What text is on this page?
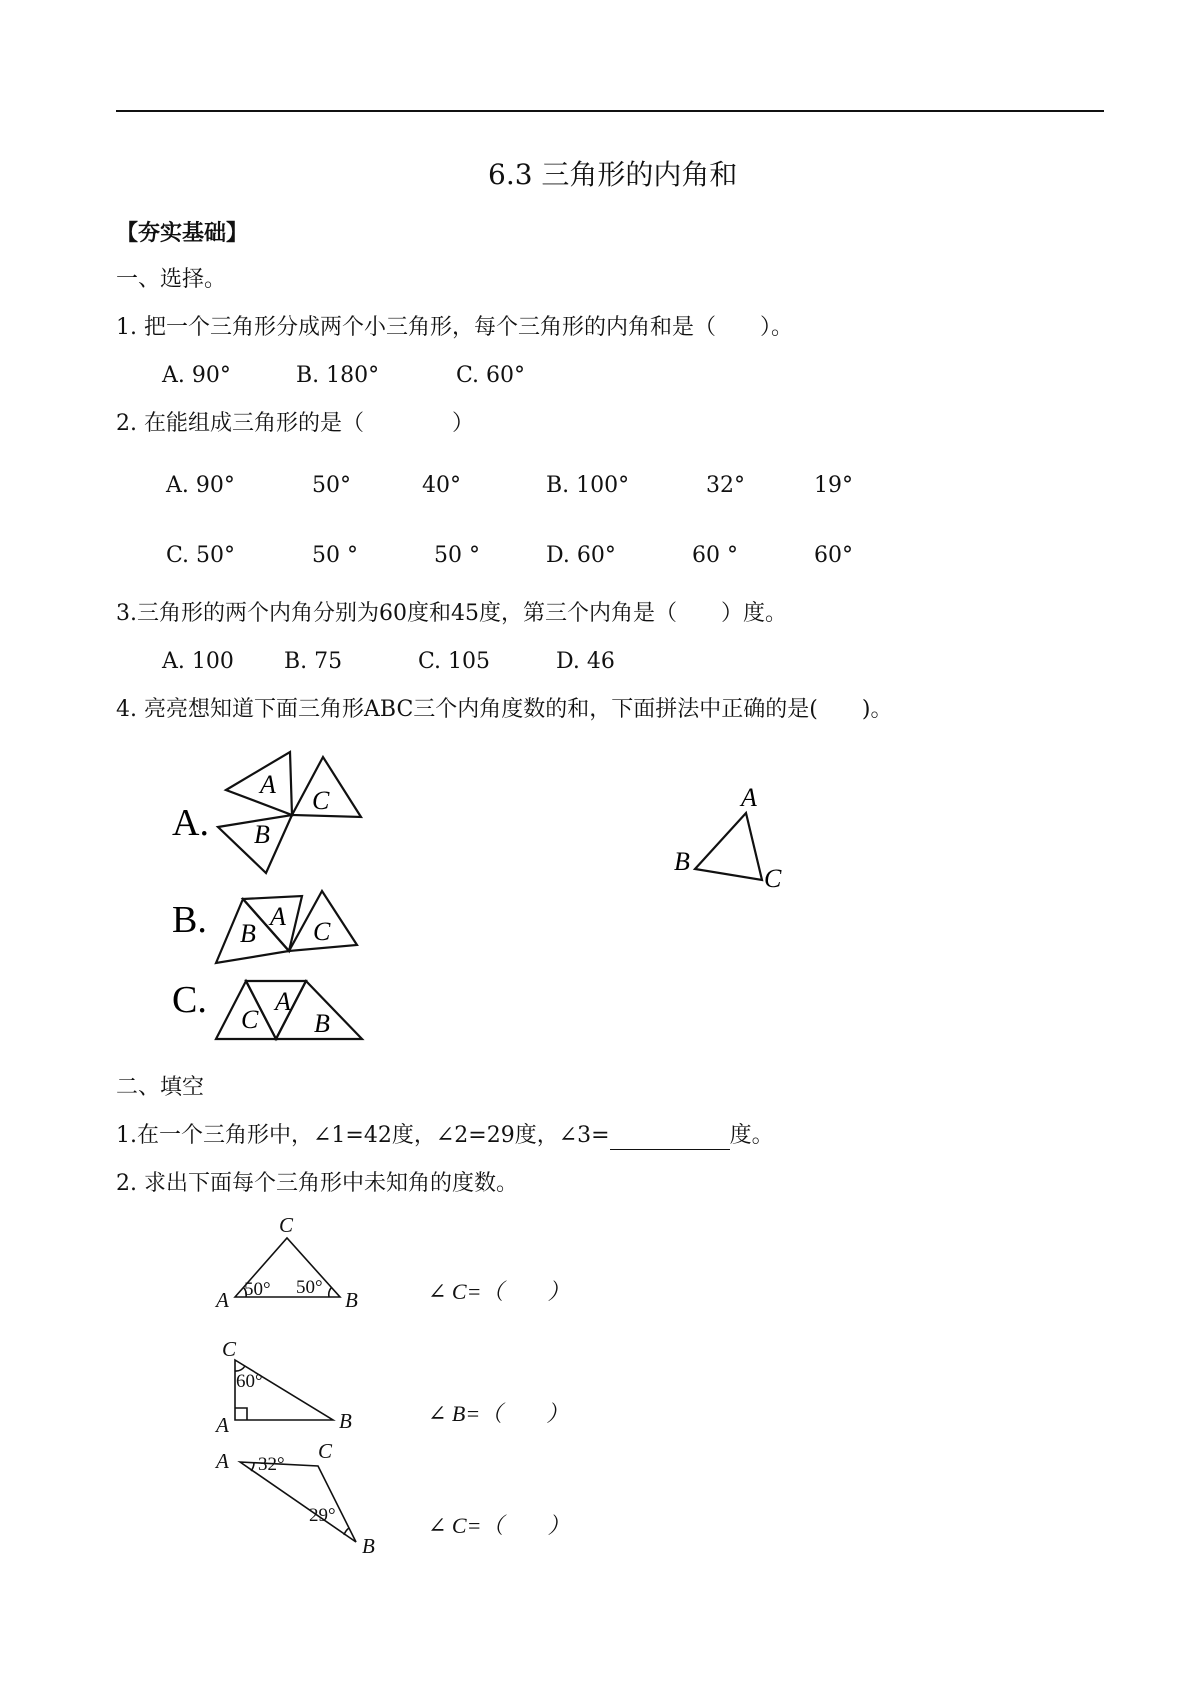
6.3 三角形的内角和
【夯实基础】
一、选择。
1. 把一个三角形分成两个小三角形，每个三角形的内角和是（　　）。
A. 90°	B. 180°	C. 60°
2. 在能组成三角形的是（　　　　）
A. 90°	50°	40°	B. 100°	32°	19°
C. 50°	50 °	50 °	D. 60°	60 °	60°
3.三角形的两个内角分别为60度和45度，第三个内角是（　　）度。
A. 100 B. 75	C. 105	D. 46
4. 亮亮想知道下面三角形ABC三个内角度数的和，下面拼法中正确的是(　　)。
A.
B.
C.
A
C
B
B
A
C
C
A
B
A
B
C
二、填空
1.在一个三角形中，∠1=42度，∠2=29度，∠3=	度。
2. 求出下面每个三角形中未知角的度数。
50° 50°
60°
32°
29°
C
A	B
C
A	B
A	C
B
∠ C=（　　）
∠ B=（　　）
∠ C=（　　）
